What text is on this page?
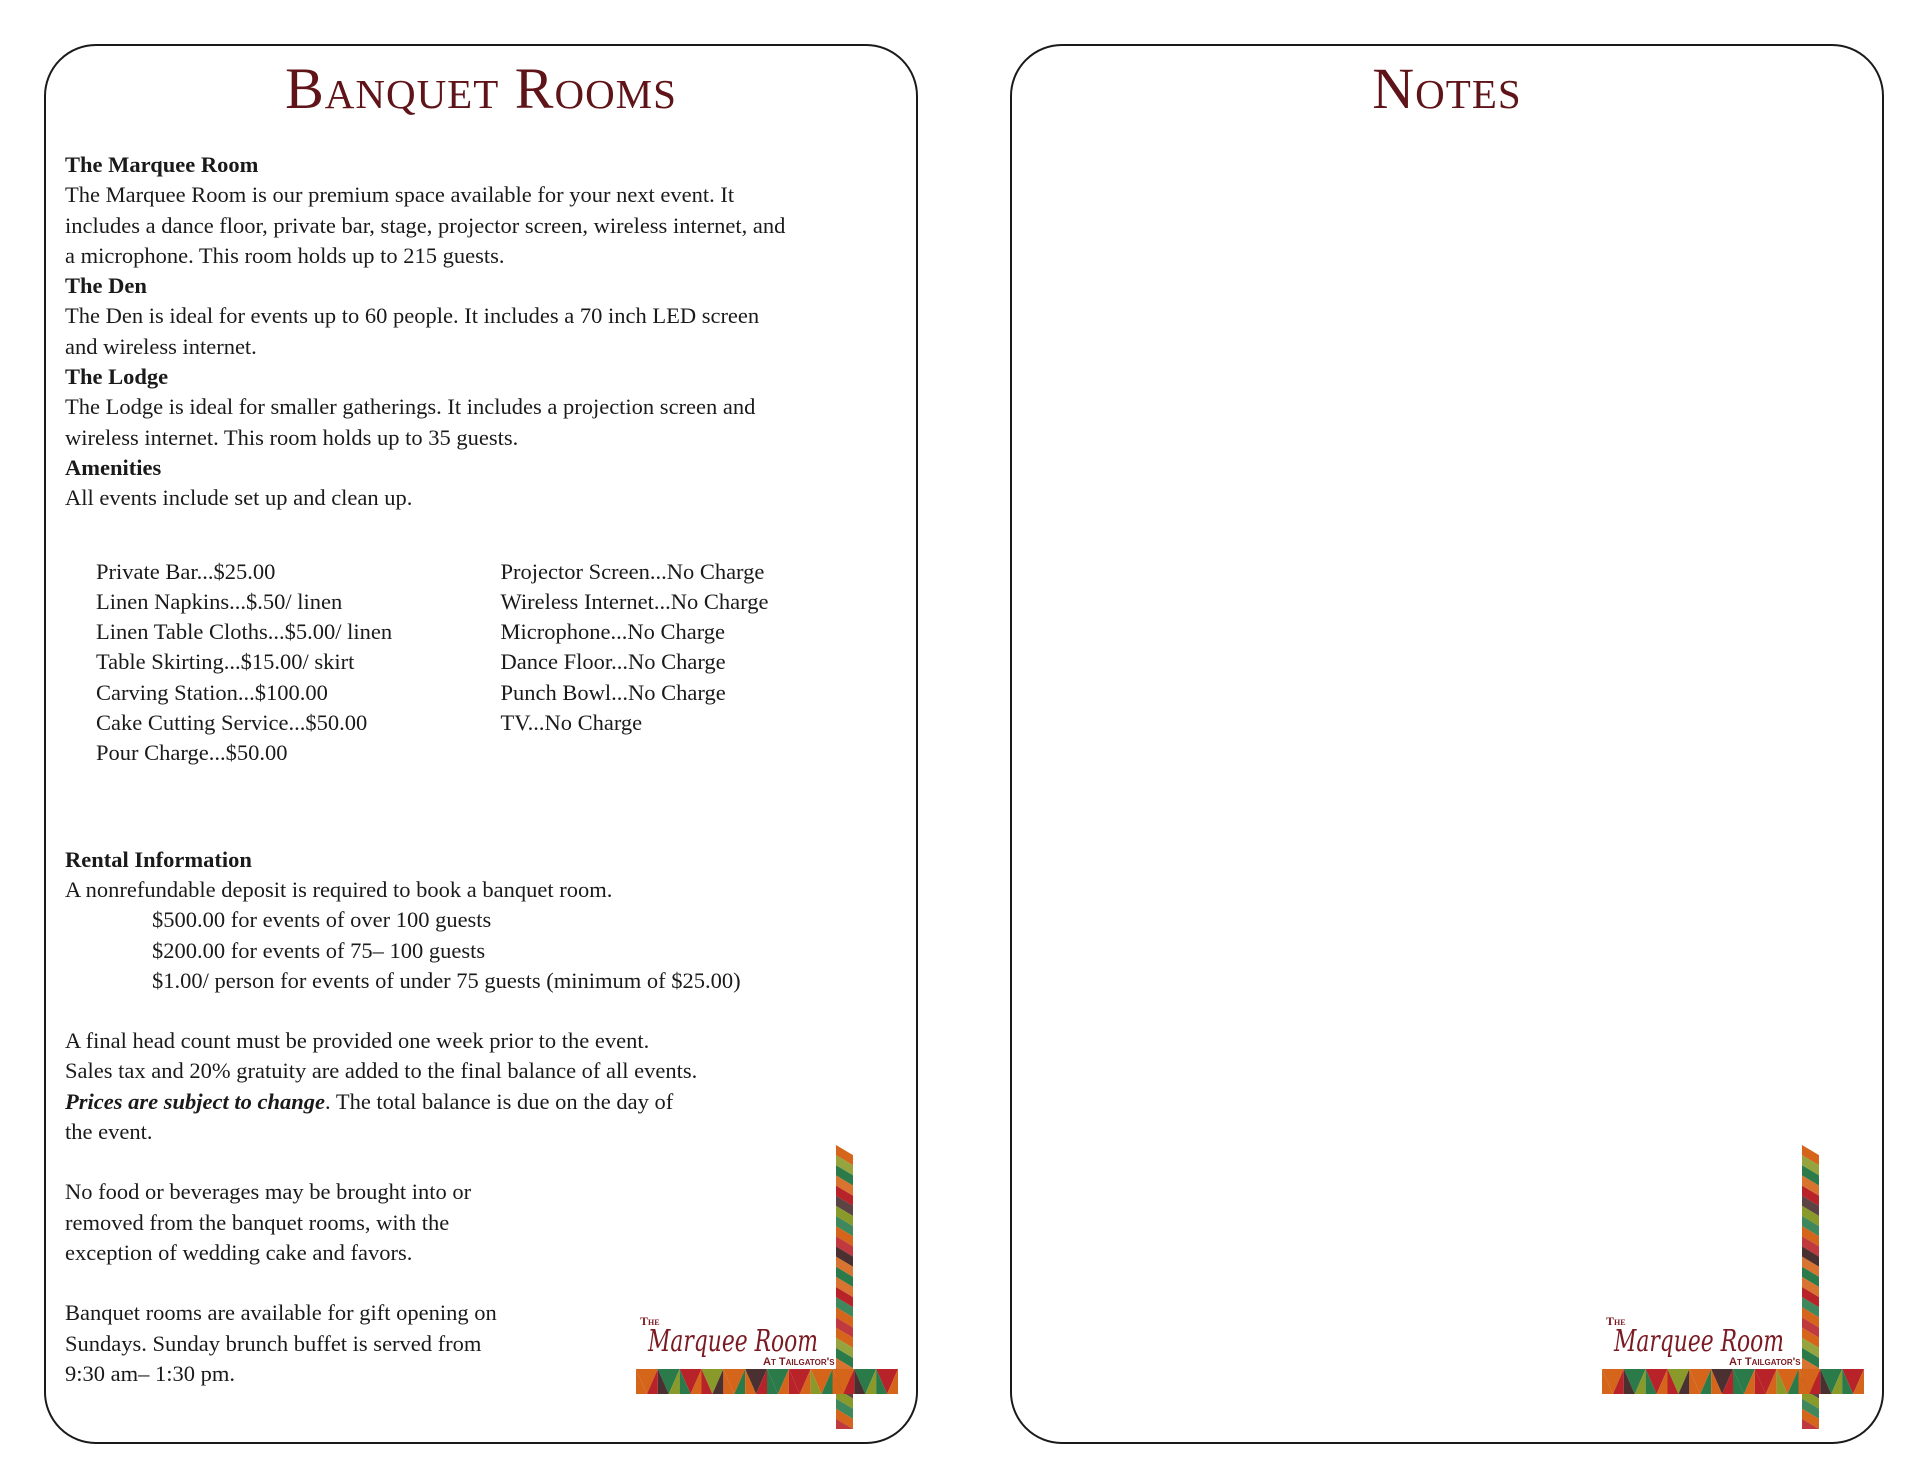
Banquet Rooms

The Marquee Room

The Marquee Room is our premium space available for your next event. It

includes a dance floor, private bar, stage, projector screen, wireless internet, and

a microphone. This room holds up to 215 guests.

The Den

The Den is ideal for events up to 60 people. It includes a 70 inch LED screen

and wireless internet.

The Lodge

The Lodge is ideal for smaller gatherings. It includes a projection screen and

wireless internet. This room holds up to 35 guests.

Amenities

All events include set up and clean up.

Private Bar...$25.00
Linen Napkins...$.50/ linen
Linen Table Cloths...$5.00/ linen
Table Skirting...$15.00/ skirt
Carving Station...$100.00
Cake Cutting Service...$50.00
Pour Charge...$50.00
Projector Screen...No Charge
Wireless Internet...No Charge
Microphone...No Charge
Dance Floor...No Charge
Punch Bowl...No Charge
TV...No Charge

Rental Information

A nonrefundable deposit is required to book a banquet room.

$500.00 for events of over 100 guests

$200.00 for events of 75– 100 guests

$1.00/ person for events of under 75 guests (minimum of $25.00)

A final head count must be provided one week prior to the event.

Sales tax and 20% gratuity are added to the final balance of all events.

Prices are subject to change. The total balance is due on the day of

the event.

No food or beverages may be brought into or

removed from the banquet rooms, with the

exception of wedding cake and favors.

Banquet rooms are available for gift opening on

Sundays. Sunday brunch buffet is served from

9:30 am– 1:30 pm.

The
Marquee Room
At Tailgator's
Notes
The
Marquee Room
At Tailgator's
